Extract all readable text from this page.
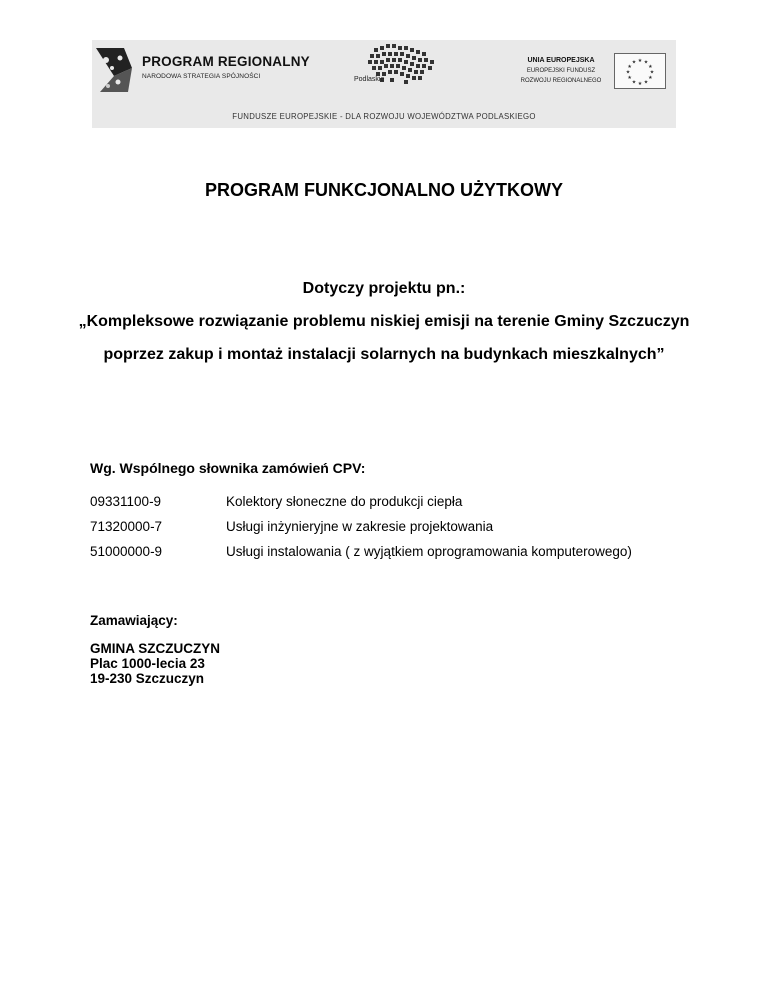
PROGRAM REGIONALNY
NARODOWA STRATEGIA SPÓJNOŚCI	Podlaskie
UNIA EUROPEJSKA
EUROPEJSKI FUNDUSZ
ROZWOJU REGIONALNEGO
★ ★
★
★
★
★
★
★
★
★
★
★
FUNDUSZE EUROPEJSKIE - DLA ROZWOJU WOJEWÓDZTWA PODLASKIEGO
PROGRAM FUNKCJONALNO UŻYTKOWY
Dotyczy projektu pn.:
„Kompleksowe rozwiązanie problemu niskiej emisji na terenie Gminy Szczuczyn poprzez zakup i montaż instalacji solarnych na budynkach mieszkalnych”
Wg. Wspólnego słownika zamówień CPV:
09331100-9	Kolektory słoneczne do produkcji ciepła
71320000-7	Usługi inżynieryjne w zakresie projektowania
51000000-9	Usługi instalowania ( z wyjątkiem oprogramowania komputerowego)
Zamawiający:
GMINA SZCZUCZYN
Plac 1000-lecia 23
19-230 Szczuczyn
